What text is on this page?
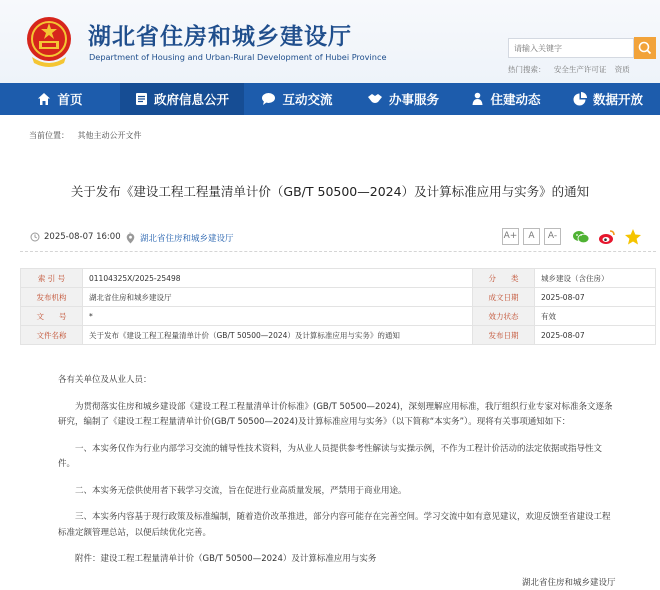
湖北省住房和城乡建设厅
Department of Housing and Urban-Rural Development of Hubei Province
请输入关键字
热门搜索： 安全生产许可证 资质
首页	政府信息公开	互动交流	办事服务	住建动态	数据开放
当前位置： 其他主动公开文件
关于发布《建设工程工程量清单计价（GB/T 50500—2024）及计算标准应用与实务》的通知
2025-08-07 16:00 湖北省住房和城乡建设厅	A+	A	A-
索 引 号	01104325X/2025-25498	分　　类	城乡建设（含住房）
发布机构	湖北省住房和城乡建设厅	成文日期	2025-08-07
文　　号	*	效力状态	有效
文件名称	关于发布《建设工程工程量清单计价（GB/T 50500—2024）及计算标准应用与实务》的通知	发布日期	2025-08-07

各有关单位及从业人员：

为贯彻落实住房和城乡建设部《建设工程工程量清单计价标准》(GB/T 50500—2024)，深刻理解应用标准，我厅组织行业专家对标准条文逐条研究，编制了《建设工程工程量清单计价(GB/T 50500—2024)及计算标准应用与实务》（以下简称“本实务”）。现将有关事项通知如下：

一、本实务仅作为行业内部学习交流的辅导性技术资料，为从业人员提供参考性解读与实操示例，不作为工程计价活动的法定依据或指导性文件。

二、本实务无偿供使用者下载学习交流，旨在促进行业高质量发展，严禁用于商业用途。

三、本实务内容基于现行政策及标准编制，随着造价改革推进，部分内容可能存在完善空间。学习交流中如有意见建议，欢迎反馈至省建设工程标准定额管理总站，以便后续优化完善。

附件：建设工程工程量清单计价（GB/T 50500—2024）及计算标准应用与实务

湖北省住房和城乡建设厅
